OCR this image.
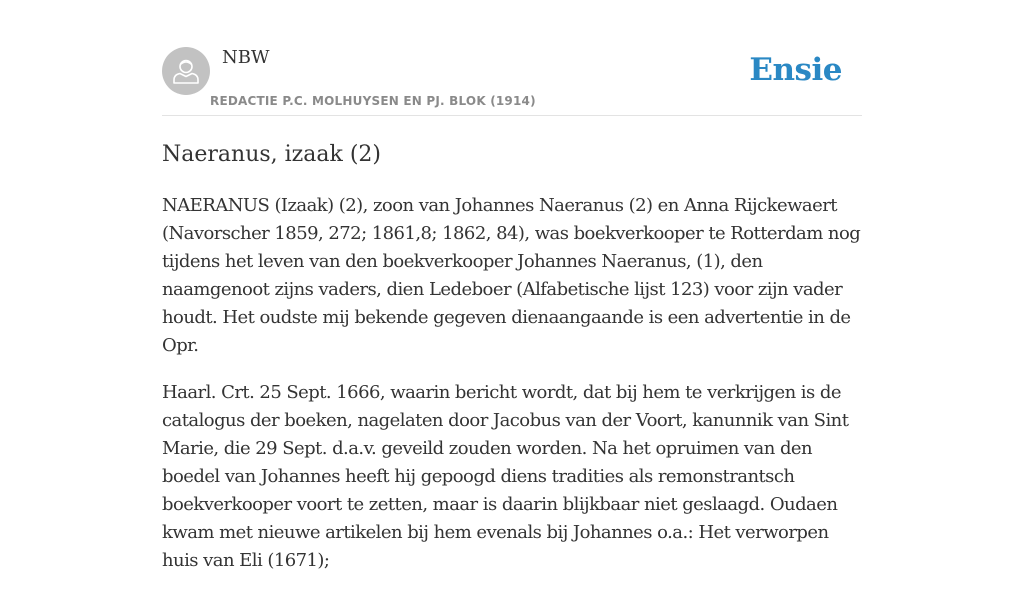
NBW
REDACTIE P.C. MOLHUYSEN EN PJ. BLOK (1914)
Ensie
Naeranus, izaak (2)

NAERANUS (Izaak) (2), zoon van Johannes Naeranus (2) en Anna Rijckewaert (Navorscher 1859, 272; 1861,8; 1862, 84), was boekverkooper te Rotterdam nog tijdens het leven van den boekverkooper Johannes Naeranus, (1), den naamgenoot zijns vaders, dien Ledeboer (Alfabetische lijst 123) voor zijn vader houdt. Het oudste mij bekende gegeven dienaangaande is een advertentie in de Opr.

Haarl. Crt. 25 Sept. 1666, waarin bericht wordt, dat bij hem te verkrijgen is de catalogus der boeken, nagelaten door Jacobus van der Voort, kanunnik van Sint Marie, die 29 Sept. d.a.v. geveild zouden worden. Na het opruimen van den boedel van Johannes heeft hij gepoogd diens tradities als remonstrantsch boekverkooper voort te zetten, maar is daarin blijkbaar niet geslaagd. Oudaen kwam met nieuwe artikelen bij hem evenals bij Johannes o.a.: Het verworpen huis van Eli (1671);
